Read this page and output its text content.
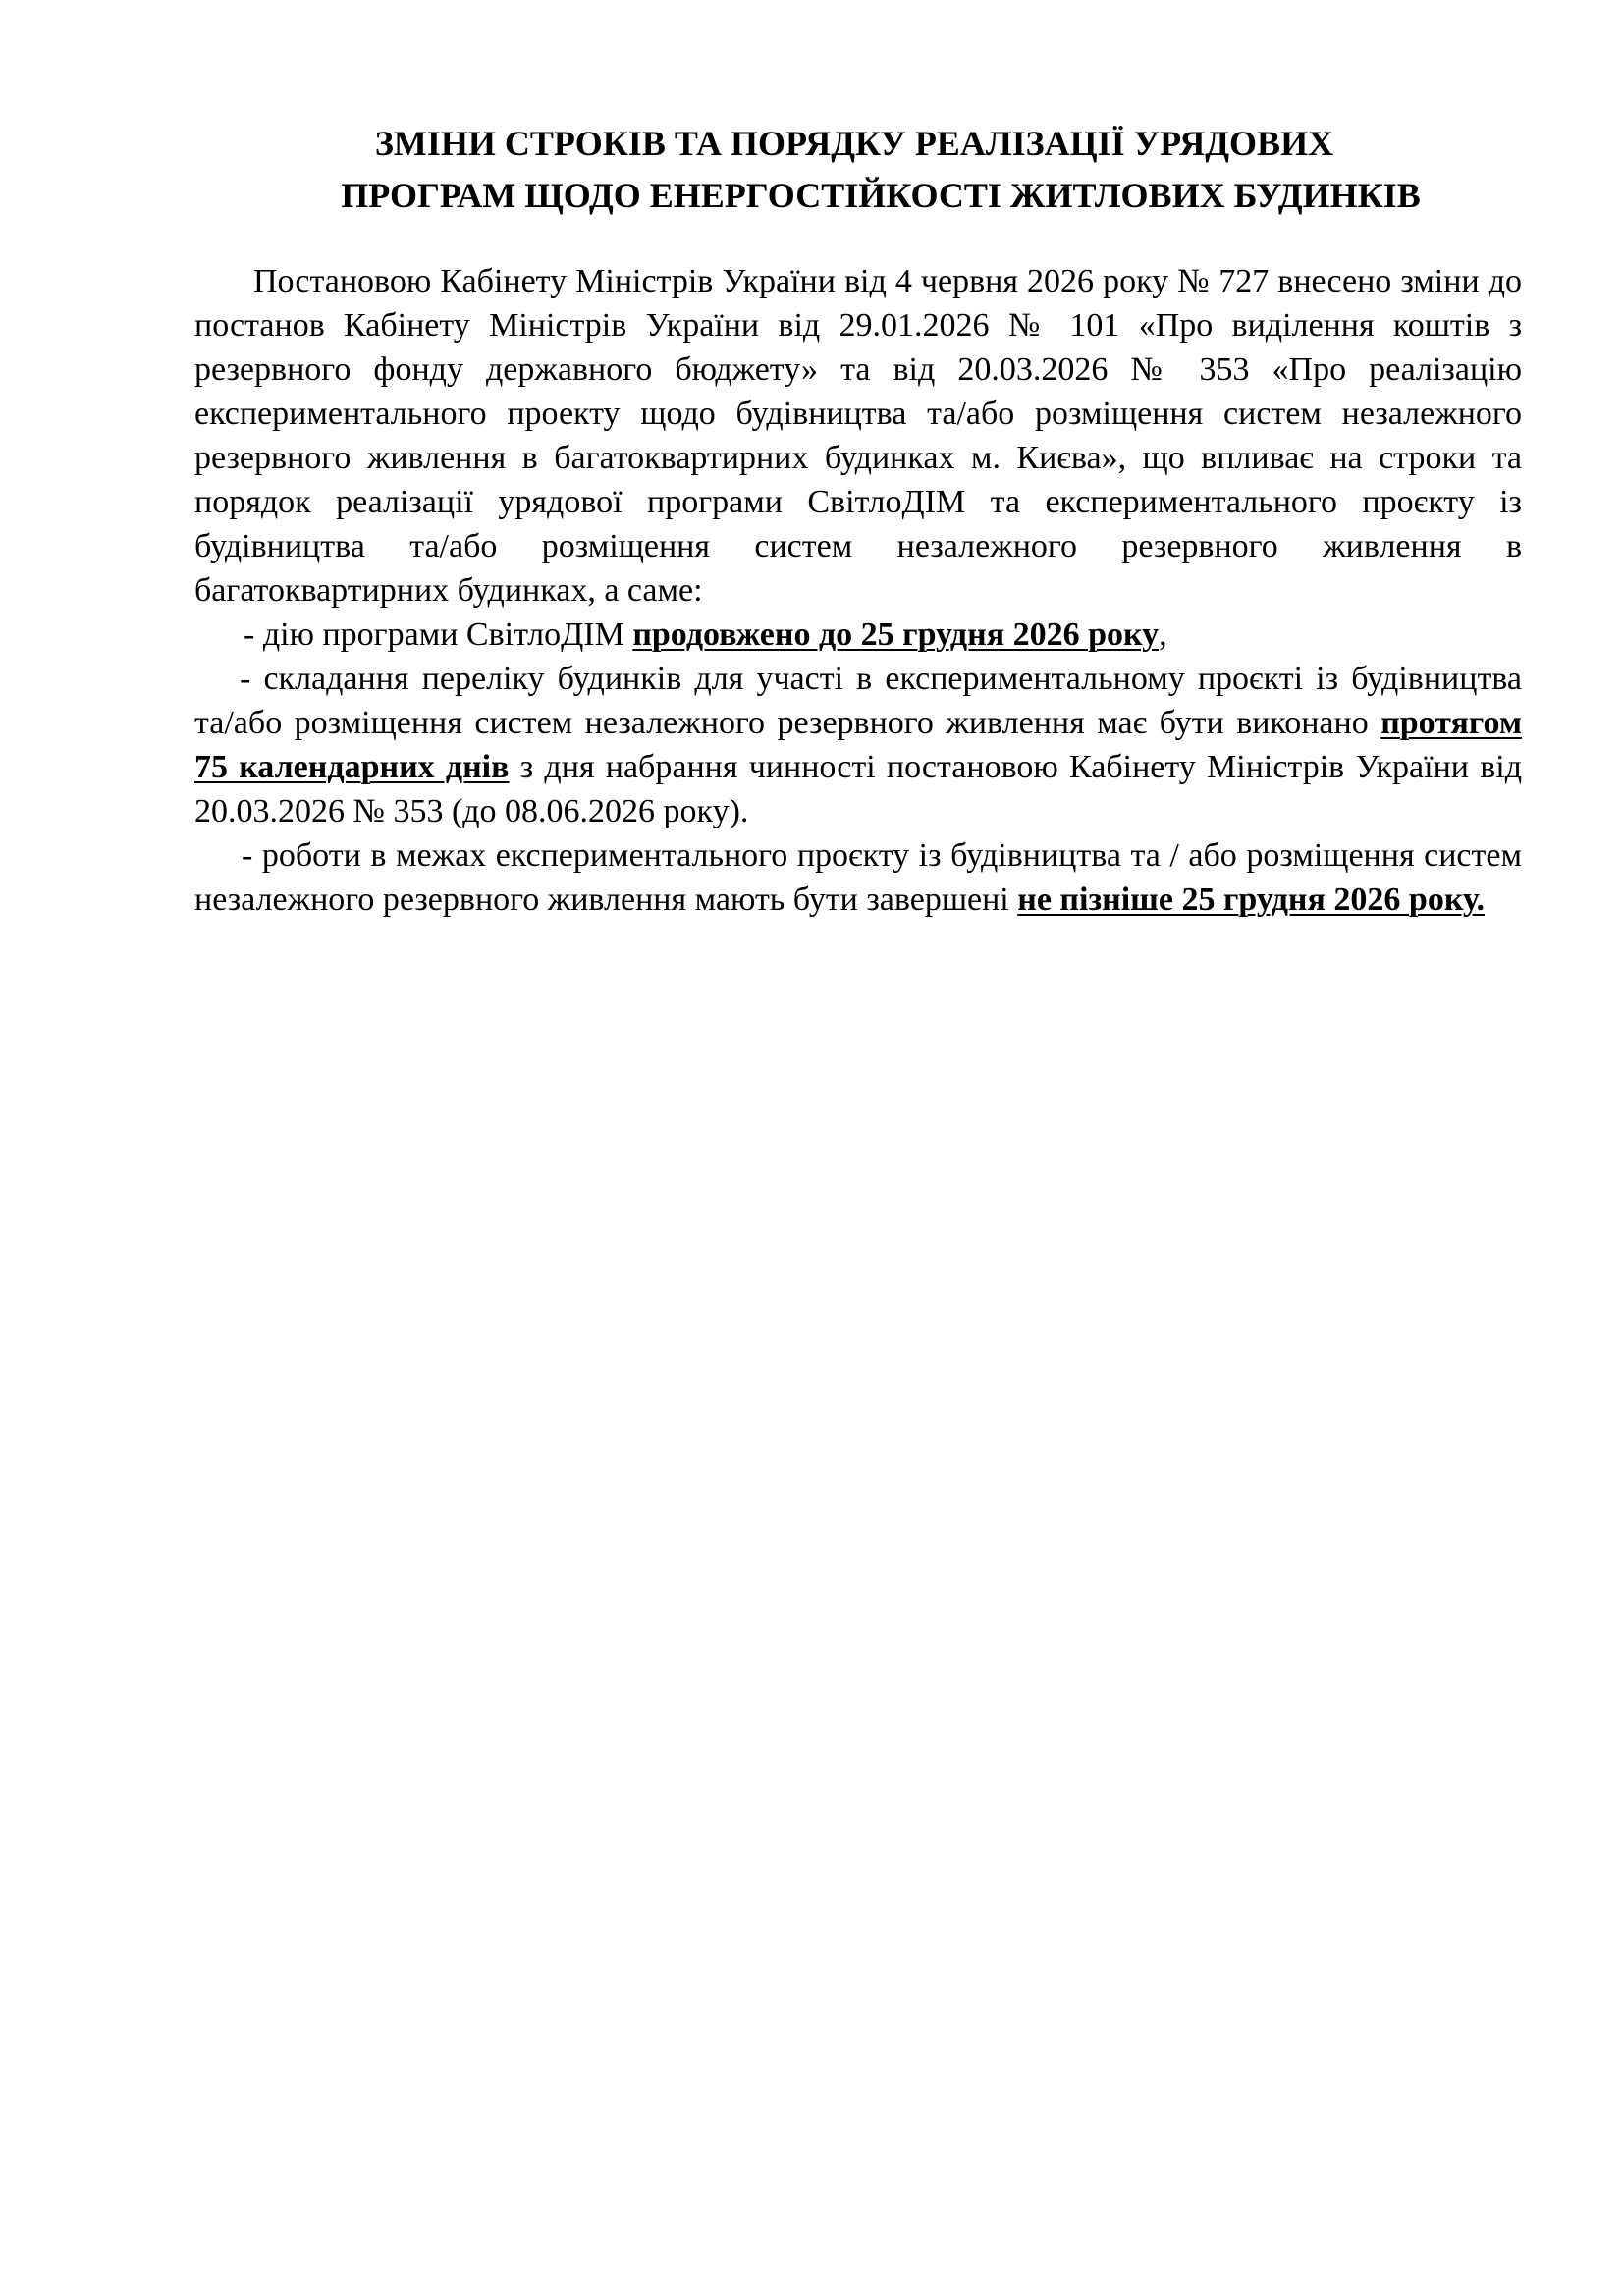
ЗМІНИ СТРОКІВ ТА ПОРЯДКУ РЕАЛІЗАЦІЇ УРЯДОВИХ
ПРОГРАМ ЩОДО ЕНЕРГОСТІЙКОСТІ ЖИТЛОВИХ БУДИНКІВ

Постановою Кабінету Міністрів України від 4 червня 2026 року № 727 внесено зміни до постанов Кабінету Міністрів України від 29.01.2026 № 101 «Про виділення коштів з резервного фонду державного бюджету» та від 20.03.2026 № 353 «Про реалізацію експериментального проекту щодо будівництва та/або розміщення систем незалежного резервного живлення в багатоквартирних будинках м. Києва», що впливає на строки та порядок реалізації урядової програми СвітлоДІМ та експериментального проєкту із будівництва та/або розміщення систем незалежного резервного живлення в багатоквартирних будинках, а саме:

- дію програми СвітлоДІМ продовжено до 25 грудня 2026 року,

- складання переліку будинків для участі в експериментальному проєкті із будівництва та/або розміщення систем незалежного резервного живлення має бути виконано протягом 75 календарних днів з дня набрання чинності постановою Кабінету Міністрів України від 20.03.2026 № 353 (до 08.06.2026 року).

- роботи в межах експериментального проєкту із будівництва та / або розміщення систем незалежного резервного живлення мають бути завершені не пізніше 25 грудня 2026 року.
